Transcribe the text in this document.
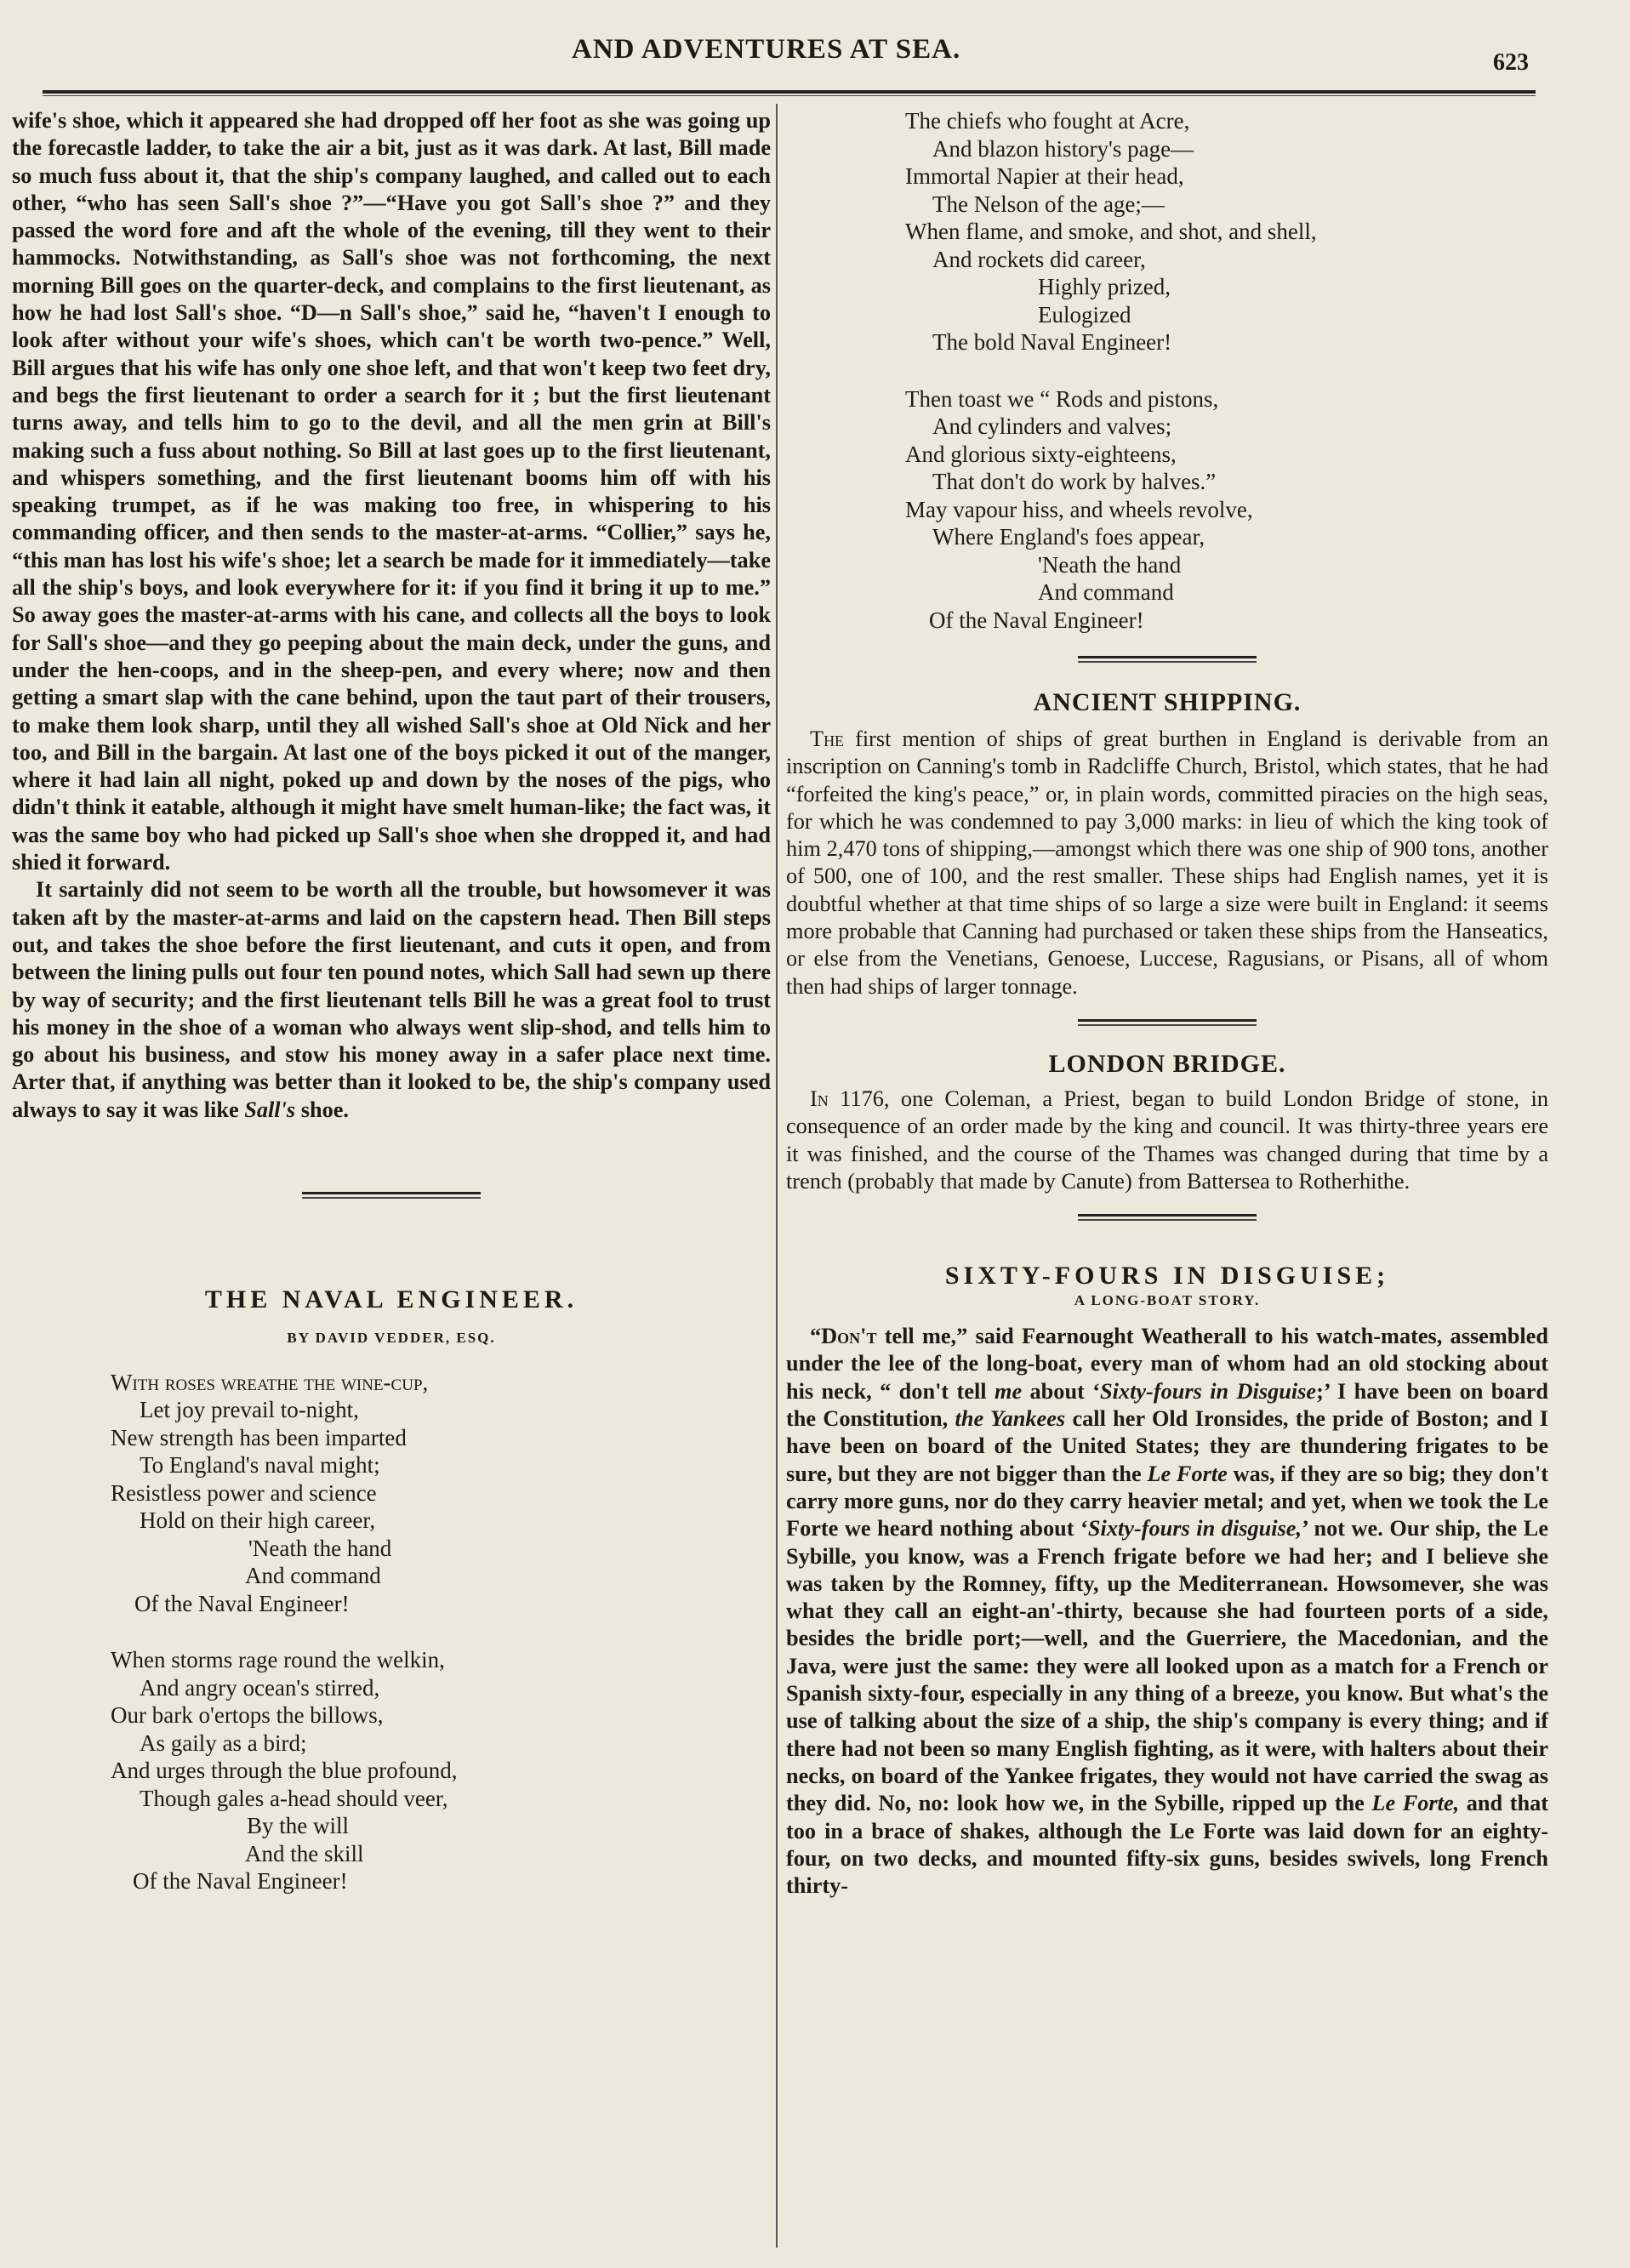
AND ADVENTURES AT SEA.	623

wife's shoe, which it appeared she had dropped off her foot as she was going up the forecastle ladder, to take the air a bit, just as it was dark. At last, Bill made so much fuss about it, that the ship's company laughed, and called out to each other, “who has seen Sall's shoe ?”—“Have you got Sall's shoe ?” and they passed the word fore and aft the whole of the evening, till they went to their hammocks. Notwithstanding, as Sall's shoe was not forthcoming, the next morning Bill goes on the quarter-deck, and complains to the first lieutenant, as how he had lost Sall's shoe. “D—n Sall's shoe,” said he, “haven't I enough to look after without your wife's shoes, which can't be worth two-pence.” Well, Bill argues that his wife has only one shoe left, and that won't keep two feet dry, and begs the first lieutenant to order a search for it ; but the first lieutenant turns away, and tells him to go to the devil, and all the men grin at Bill's making such a fuss about nothing. So Bill at last goes up to the first lieutenant, and whispers something, and the first lieutenant booms him off with his speaking trumpet, as if he was making too free, in whispering to his commanding officer, and then sends to the master-at-arms. “Collier,” says he, “this man has lost his wife's shoe; let a search be made for it immediately—take all the ship's boys, and look everywhere for it: if you find it bring it up to me.” So away goes the master-at-arms with his cane, and collects all the boys to look for Sall's shoe—and they go peeping about the main deck, under the guns, and under the hen-coops, and in the sheep-pen, and every where; now and then getting a smart slap with the cane behind, upon the taut part of their trousers, to make them look sharp, until they all wished Sall's shoe at Old Nick and her too, and Bill in the bargain. At last one of the boys picked it out of the manger, where it had lain all night, poked up and down by the noses of the pigs, who didn't think it eatable, although it might have smelt human-like; the fact was, it was the same boy who had picked up Sall's shoe when she dropped it, and had shied it forward.

It sartainly did not seem to be worth all the trouble, but howsomever it was taken aft by the master-at-arms and laid on the capstern head. Then Bill steps out, and takes the shoe before the first lieutenant, and cuts it open, and from between the lining pulls out four ten pound notes, which Sall had sewn up there by way of security; and the first lieutenant tells Bill he was a great fool to trust his money in the shoe of a woman who always went slip-shod, and tells him to go about his business, and stow his money away in a safer place next time. Arter that, if anything was better than it looked to be, the ship's company used always to say it was like Sall's shoe.

THE NAVAL ENGINEER.

BY DAVID VEDDER, ESQ.

With roses wreathe the wine-cup,
Let joy prevail to-night,
New strength has been imparted
To England's naval might;
Resistless power and science
Hold on their high career,
'Neath the hand
And command
Of the Naval Engineer!
When storms rage round the welkin,
And angry ocean's stirred,
Our bark o'ertops the billows,
As gaily as a bird;
And urges through the blue profound,
Though gales a-head should veer,
By the will
And the skill
Of the Naval Engineer!
The chiefs who fought at Acre,
And blazon history's page—
Immortal Napier at their head,
The Nelson of the age;—
When flame, and smoke, and shot, and shell,
And rockets did career,
Highly prized,
Eulogized
The bold Naval Engineer!
Then toast we “ Rods and pistons,
And cylinders and valves;
And glorious sixty-eighteens,
That don't do work by halves.”
May vapour hiss, and wheels revolve,
Where England's foes appear,
'Neath the hand
And command
Of the Naval Engineer!
ANCIENT SHIPPING.

The first mention of ships of great burthen in England is derivable from an inscription on Canning's tomb in Radcliffe Church, Bristol, which states, that he had “forfeited the king's peace,” or, in plain words, committed piracies on the high seas, for which he was condemned to pay 3,000 marks: in lieu of which the king took of him 2,470 tons of shipping,—amongst which there was one ship of 900 tons, another of 500, one of 100, and the rest smaller. These ships had English names, yet it is doubtful whether at that time ships of so large a size were built in England: it seems more probable that Canning had purchased or taken these ships from the Hanseatics, or else from the Venetians, Genoese, Luccese, Ragusians, or Pisans, all of whom then had ships of larger tonnage.

LONDON BRIDGE.

In 1176, one Coleman, a Priest, began to build London Bridge of stone, in consequence of an order made by the king and council. It was thirty-three years ere it was finished, and the course of the Thames was changed during that time by a trench (probably that made by Canute) from Battersea to Rotherhithe.

SIXTY-FOURS IN DISGUISE;

A LONG-BOAT STORY.

“Don't tell me,” said Fearnought Weatherall to his watch-mates, assembled under the lee of the long-boat, every man of whom had an old stocking about his neck, “ don't tell me about ‘Sixty-fours in Disguise;’ I have been on board the Constitution, the Yankees call her Old Ironsides, the pride of Boston; and I have been on board of the United States; they are thundering frigates to be sure, but they are not bigger than the Le Forte was, if they are so big; they don't carry more guns, nor do they carry heavier metal; and yet, when we took the Le Forte we heard nothing about ‘Sixty-fours in disguise,’ not we. Our ship, the Le Sybille, you know, was a French frigate before we had her; and I believe she was taken by the Romney, fifty, up the Mediterranean. Howsomever, she was what they call an eight-an'-thirty, because she had fourteen ports of a side, besides the bridle port;—well, and the Guerriere, the Macedonian, and the Java, were just the same: they were all looked upon as a match for a French or Spanish sixty-four, especially in any thing of a breeze, you know. But what's the use of talking about the size of a ship, the ship's company is every thing; and if there had not been so many English fighting, as it were, with halters about their necks, on board of the Yankee frigates, they would not have carried the swag as they did. No, no: look how we, in the Sybille, ripped up the Le Forte, and that too in a brace of shakes, although the Le Forte was laid down for an eighty-four, on two decks, and mounted fifty-six guns, besides swivels, long French thirty-
